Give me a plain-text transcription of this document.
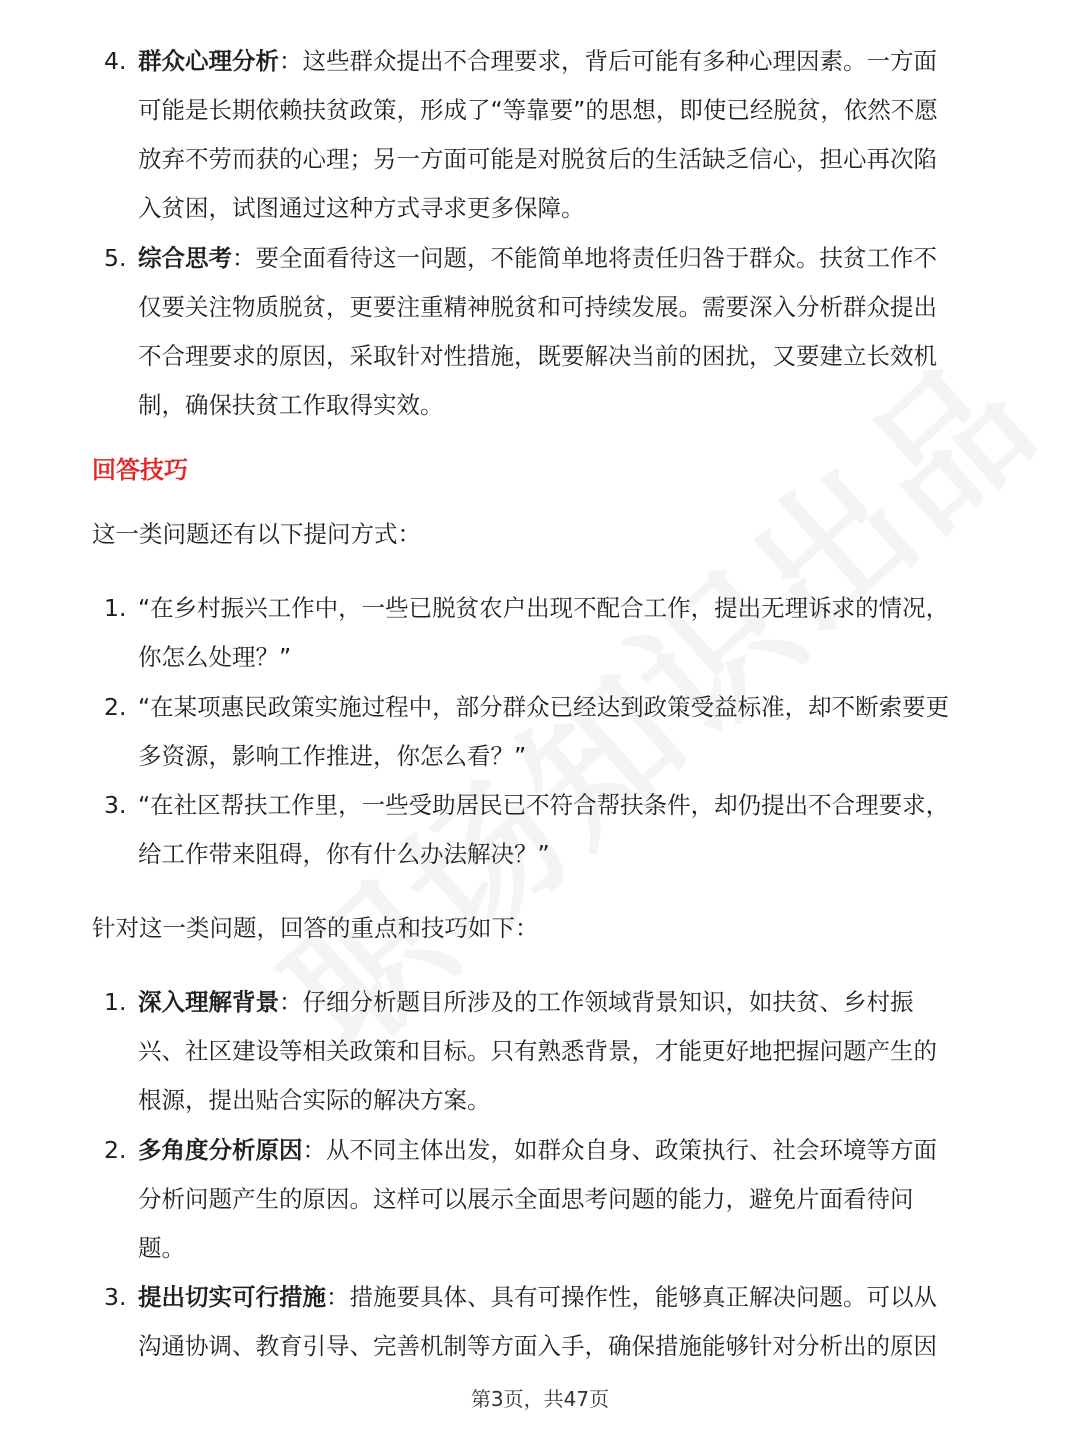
4. 群众心理分析：这些群众提出不合理要求，背后可能有多种心理因素。一方面
可能是长期依赖扶贫政策，形成了“等靠要”的思想，即使已经脱贫，依然不愿
放弃不劳而获的心理；另一方面可能是对脱贫后的生活缺乏信心，担心再次陷
入贫困，试图通过这种方式寻求更多保障。
5. 综合思考：要全面看待这一问题，不能简单地将责任归咎于群众。扶贫工作不
仅要关注物质脱贫，更要注重精神脱贫和可持续发展。需要深入分析群众提出
不合理要求的原因，采取针对性措施，既要解决当前的困扰，又要建立长效机
制，确保扶贫工作取得实效。
回答技巧
这一类问题还有以下提问方式：
1. “在乡村振兴工作中，一些已脱贫农户出现不配合工作，提出无理诉求的情况，
你怎么处理？”
2. “在某项惠民政策实施过程中，部分群众已经达到政策受益标准，却不断索要更
多资源，影响工作推进，你怎么看？”
3. “在社区帮扶工作里，一些受助居民已不符合帮扶条件，却仍提出不合理要求，
给工作带来阻碍，你有什么办法解决？”
针对这一类问题，回答的重点和技巧如下：
1. 深入理解背景：仔细分析题目所涉及的工作领域背景知识，如扶贫、乡村振
兴、社区建设等相关政策和目标。只有熟悉背景，才能更好地把握问题产生的
根源，提出贴合实际的解决方案。
2. 多角度分析原因：从不同主体出发，如群众自身、政策执行、社会环境等方面
分析问题产生的原因。这样可以展示全面思考问题的能力，避免片面看待问
题。
3. 提出切实可行措施：措施要具体、具有可操作性，能够真正解决问题。可以从
沟通协调、教育引导、完善机制等方面入手，确保措施能够针对分析出的原因
第3页，共47页
